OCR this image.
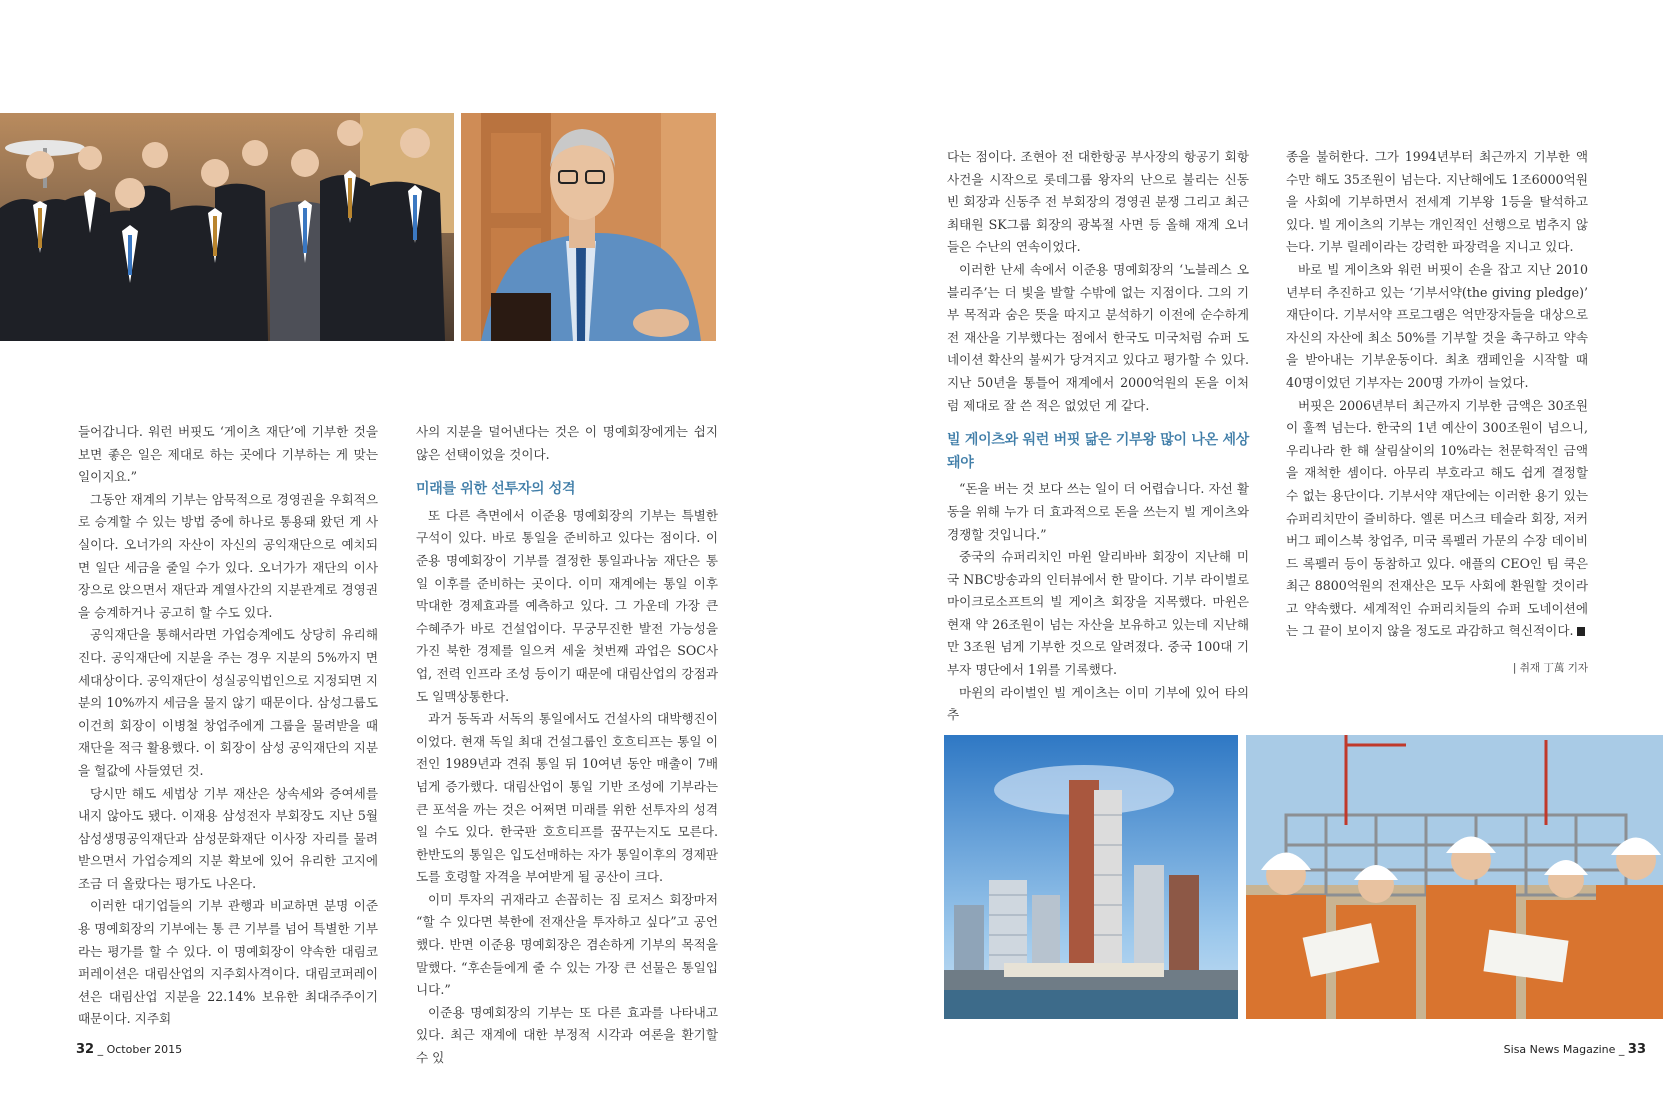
들어갑니다. 워런 버핏도 ‘게이츠 재단’에 기부한 것을 보면 좋은 일은 제대로 하는 곳에다 기부하는 게 맞는 일이지요.”

그동안 재계의 기부는 암묵적으로 경영권을 우회적으로 승계할 수 있는 방법 중에 하나로 통용돼 왔던 게 사실이다. 오너가의 자산이 자신의 공익재단으로 예치되면 일단 세금을 줄일 수가 있다. 오너가가 재단의 이사장으로 앉으면서 재단과 계열사간의 지분관계로 경영권을 승계하거나 공고히 할 수도 있다.

공익재단을 통해서라면 가업승계에도 상당히 유리해진다. 공익재단에 지분을 주는 경우 지분의 5%까지 면세대상이다. 공익재단이 성실공익법인으로 지정되면 지분의 10%까지 세금을 물지 않기 때문이다. 삼성그룹도 이건희 회장이 이병철 창업주에게 그룹을 물려받을 때 재단을 적극 활용했다. 이 회장이 삼성 공익재단의 지분을 헐값에 사들였던 것.

당시만 해도 세법상 기부 재산은 상속세와 증여세를 내지 않아도 됐다. 이재용 삼성전자 부회장도 지난 5월 삼성생명공익재단과 삼성문화재단 이사장 자리를 물려받으면서 가업승계의 지분 확보에 있어 유리한 고지에 조금 더 올랐다는 평가도 나온다.

이러한 대기업들의 기부 관행과 비교하면 분명 이준용 명예회장의 기부에는 통 큰 기부를 넘어 특별한 기부라는 평가를 할 수 있다. 이 명예회장이 약속한 대림코퍼레이션은 대림산업의 지주회사격이다. 대림코퍼레이션은 대림산업 지분을 22.14% 보유한 최대주주이기 때문이다. 지주회

사의 지분을 덜어낸다는 것은 이 명예회장에게는 쉽지 않은 선택이었을 것이다.

미래를 위한 선투자의 성격

또 다른 측면에서 이준용 명예회장의 기부는 특별한 구석이 있다. 바로 통일을 준비하고 있다는 점이다. 이준용 명예회장이 기부를 결정한 통일과나눔 재단은 통일 이후를 준비하는 곳이다. 이미 재계에는 통일 이후 막대한 경제효과를 예측하고 있다. 그 가운데 가장 큰 수혜주가 바로 건설업이다. 무궁무진한 발전 가능성을 가진 북한 경제를 일으켜 세울 첫번째 과업은 SOC사업, 전력 인프라 조성 등이기 때문에 대림산업의 강점과도 일맥상통한다.

과거 동독과 서독의 통일에서도 건설사의 대박행진이 이었다. 현재 독일 최대 건설그룹인 호흐티프는 통일 이전인 1989년과 견줘 통일 뒤 10여년 동안 매출이 7배 넘게 증가했다. 대림산업이 통일 기반 조성에 기부라는 큰 포석을 까는 것은 어쩌면 미래를 위한 선투자의 성격일 수도 있다. 한국판 호흐티프를 꿈꾸는지도 모른다. 한반도의 통일은 입도선매하는 자가 통일이후의 경제판도를 호령할 자격을 부여받게 될 공산이 크다.

이미 투자의 귀재라고 손꼽히는 짐 로저스 회장마저 “할 수 있다면 북한에 전재산을 투자하고 싶다”고 공언했다. 반면 이준용 명예회장은 겸손하게 기부의 목적을 말했다. “후손들에게 줄 수 있는 가장 큰 선물은 통일입니다.”

이준용 명예회장의 기부는 또 다른 효과를 나타내고 있다. 최근 재계에 대한 부정적 시각과 여론을 환기할 수 있

다는 점이다. 조현아 전 대한항공 부사장의 항공기 회항 사건을 시작으로 롯데그룹 왕자의 난으로 불리는 신동빈 회장과 신동주 전 부회장의 경영권 분쟁 그리고 최근 최태원 SK그룹 회장의 광복절 사면 등 올해 재계 오너들은 수난의 연속이었다.

이러한 난세 속에서 이준용 명예회장의 ‘노블레스 오블리주’는 더 빛을 발할 수밖에 없는 지점이다. 그의 기부 목적과 숨은 뜻을 따지고 분석하기 이전에 순수하게 전 재산을 기부했다는 점에서 한국도 미국처럼 슈퍼 도네이션 확산의 불씨가 당겨지고 있다고 평가할 수 있다. 지난 50년을 통틀어 재계에서 2000억원의 돈을 이처럼 제대로 잘 쓴 적은 없었던 게 같다.

빌 게이츠와 워런 버핏 닮은 기부왕 많이 나온 세상 돼야

“돈을 버는 것 보다 쓰는 일이 더 어렵습니다. 자선 활동을 위해 누가 더 효과적으로 돈을 쓰는지 빌 게이츠와 경쟁할 것입니다.”

중국의 슈퍼리치인 마윈 알리바바 회장이 지난해 미국 NBC방송과의 인터뷰에서 한 말이다. 기부 라이벌로 마이크로소프트의 빌 게이츠 회장을 지목했다. 마윈은 현재 약 26조원이 넘는 자산을 보유하고 있는데 지난해만 3조원 넘게 기부한 것으로 알려졌다. 중국 100대 기부자 명단에서 1위를 기록했다.

마윈의 라이벌인 빌 게이츠는 이미 기부에 있어 타의추

종을 불허한다. 그가 1994년부터 최근까지 기부한 액수만 해도 35조원이 넘는다. 지난해에도 1조6000억원을 사회에 기부하면서 전세계 기부왕 1등을 탈석하고 있다. 빌 게이츠의 기부는 개인적인 선행으로 범추지 않는다. 기부 릴레이라는 강력한 파장력을 지니고 있다.

바로 빌 게이츠와 워런 버핏이 손을 잡고 지난 2010년부터 추진하고 있는 ‘기부서약(the giving pledge)’ 재단이다. 기부서약 프로그램은 억만장자들을 대상으로 자신의 자산에 최소 50%를 기부할 것을 촉구하고 약속을 받아내는 기부운동이다. 최초 캠페인을 시작할 때 40명이었던 기부자는 200명 가까이 늘었다.

버핏은 2006년부터 최근까지 기부한 금액은 30조원이 훌쩍 넘는다. 한국의 1년 예산이 300조원이 넘으니, 우리나라 한 해 살림살이의 10%라는 천문학적인 금액을 재척한 셈이다. 아무리 부호라고 해도 쉽게 결정할 수 없는 용단이다. 기부서약 재단에는 이러한 용기 있는 슈퍼리치만이 즐비하다. 엘론 머스크 테슬라 회장, 저커버그 페이스북 창업주, 미국 록펠러 가문의 수장 데이비드 록펠러 등이 동참하고 있다. 애플의 CEO인 팀 쿡은 최근 8800억원의 전재산은 모두 사회에 환원할 것이라고 약속했다. 세계적인 슈퍼리치들의 슈퍼 도네이션에는 그 끝이 보이지 않을 정도로 과감하고 혁신적이다.

| 취재 丁萬 기자
32 _ October 2015	Sisa News Magazine _ 33
